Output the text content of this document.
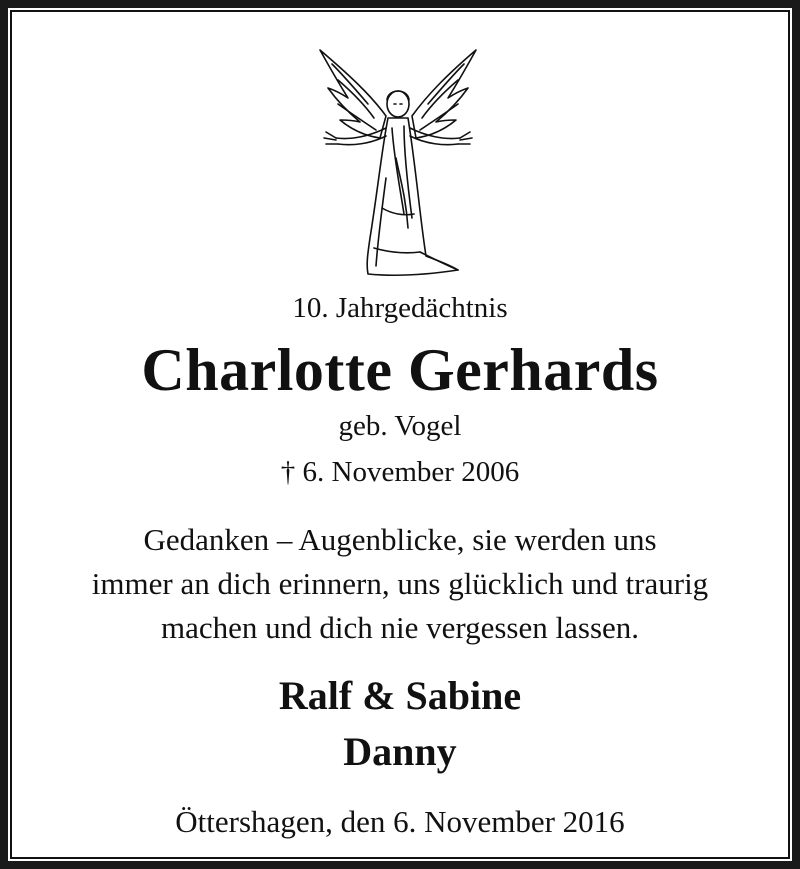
10. Jahrgedächtnis
Charlotte Gerhards
geb. Vogel
† 6. November 2006
Gedanken – Augenblicke, sie werden uns
immer an dich erinnern, uns glücklich und traurig
machen und dich nie vergessen lassen.
Ralf & Sabine
Danny
Öttershagen, den 6. November 2016
